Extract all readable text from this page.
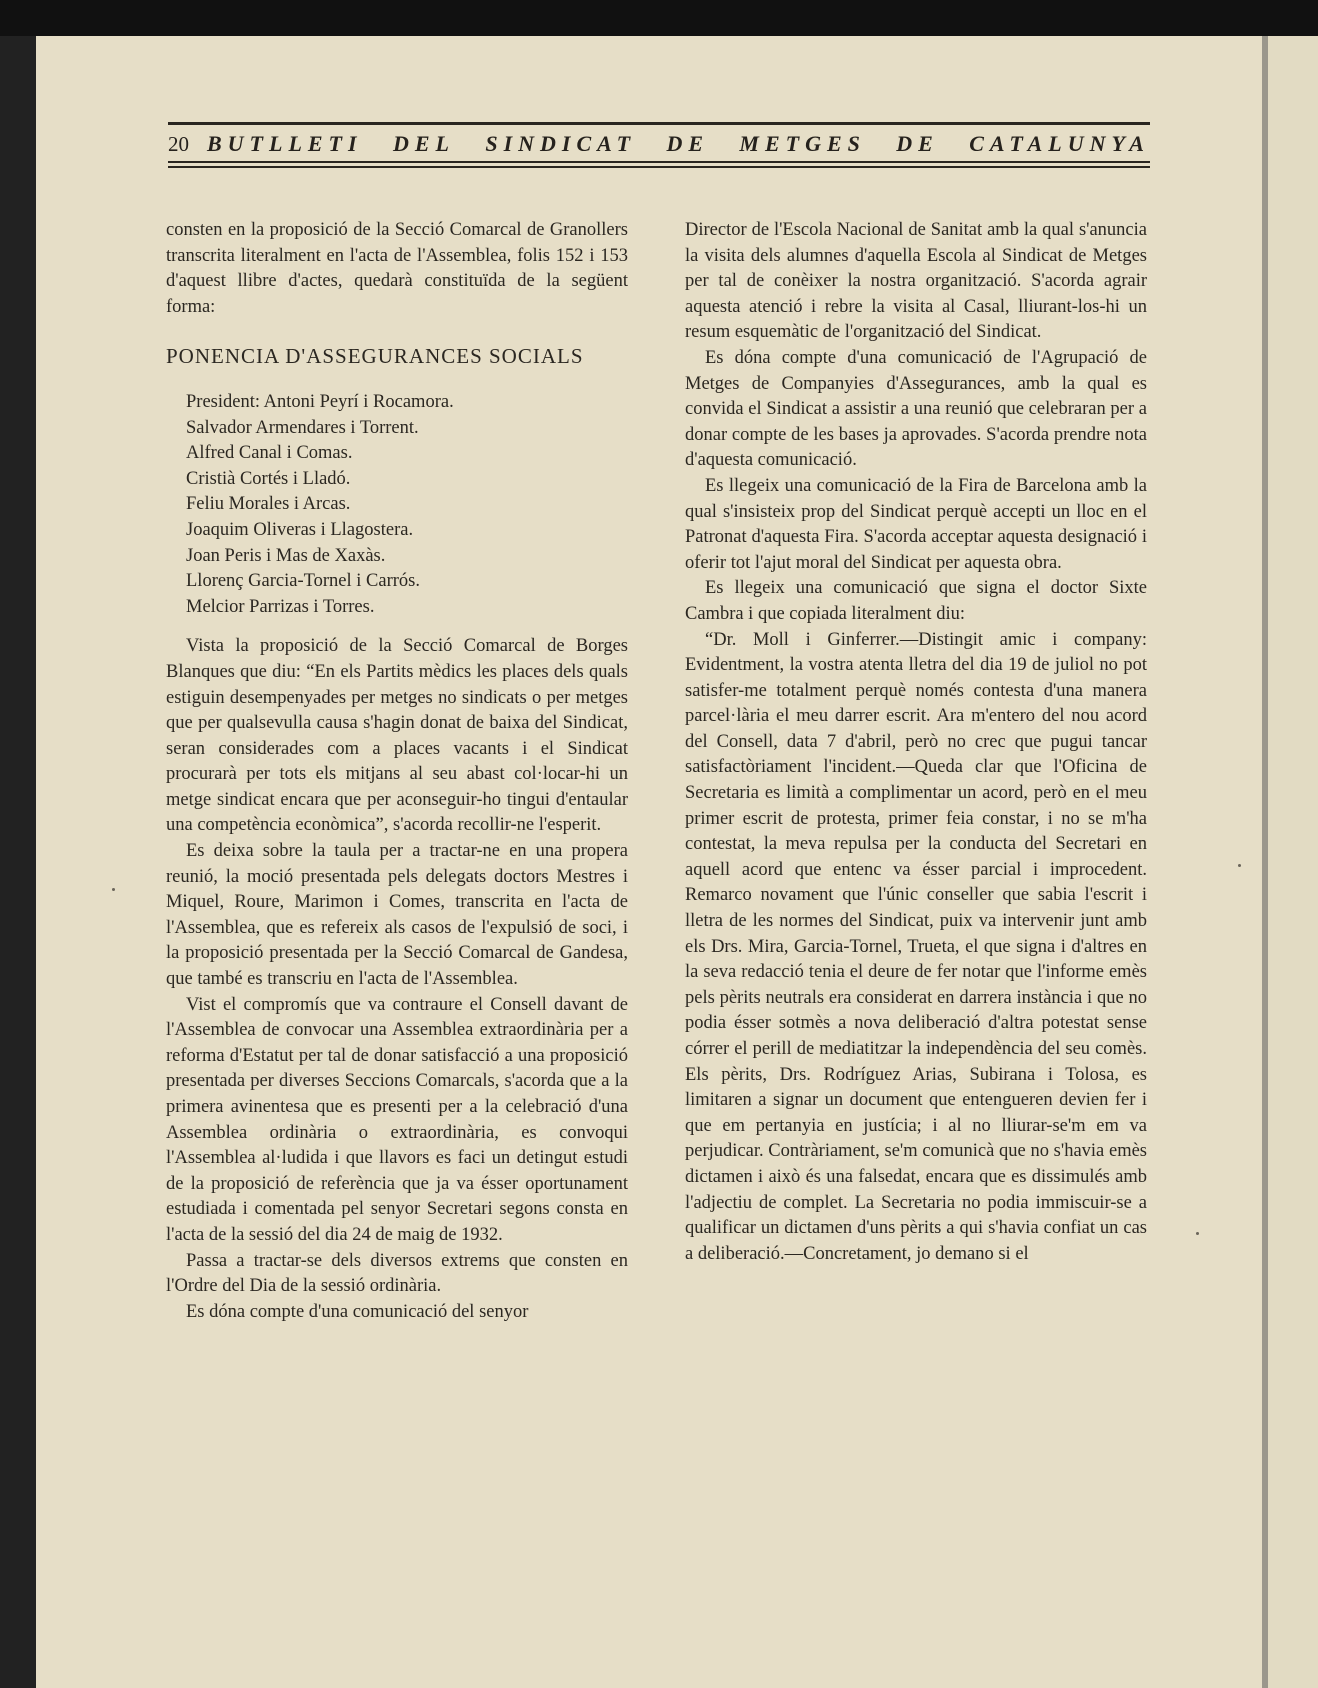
20 BUTLLETI DEL SINDICAT DE METGES DE CATALUNYA

consten en la proposició de la Secció Comarcal de Granollers transcrita literalment en l'acta de l'Assemblea, folis 152 i 153 d'aquest llibre d'actes, quedarà constituïda de la següent forma:

PONENCIA D'ASSEGURANCES SOCIALS
President: Antoni Peyrí i Rocamora.
Salvador Armendares i Torrent.
Alfred Canal i Comas.
Cristià Cortés i Lladó.
Feliu Morales i Arcas.
Joaquim Oliveras i Llagostera.
Joan Peris i Mas de Xaxàs.
Llorenç Garcia-Tornel i Carrós.
Melcior Parrizas i Torres.

Vista la proposició de la Secció Comarcal de Borges Blanques que diu: “En els Partits mèdics les places dels quals estiguin desempenyades per metges no sindicats o per metges que per qualsevulla causa s'hagin donat de baixa del Sindicat, seran considerades com a places vacants i el Sindicat procurarà per tots els mitjans al seu abast col·locar-hi un metge sindicat encara que per aconseguir-ho tingui d'entaular una competència econòmica”, s'acorda recollir-ne l'esperit.

Es deixa sobre la taula per a tractar-ne en una propera reunió, la moció presentada pels delegats doctors Mestres i Miquel, Roure, Marimon i Comes, transcrita en l'acta de l'Assemblea, que es refereix als casos de l'expulsió de soci, i la proposició presentada per la Secció Comarcal de Gandesa, que també es transcriu en l'acta de l'Assemblea.

Vist el compromís que va contraure el Consell davant de l'Assemblea de convocar una Assemblea extraordinària per a reforma d'Estatut per tal de donar satisfacció a una proposició presentada per diverses Seccions Comarcals, s'acorda que a la primera avinentesa que es presenti per a la celebració d'una Assemblea ordinària o extraordinària, es convoqui l'Assemblea al·ludida i que llavors es faci un detingut estudi de la proposició de referència que ja va ésser oportunament estudiada i comentada pel senyor Secretari segons consta en l'acta de la sessió del dia 24 de maig de 1932.

Passa a tractar-se dels diversos extrems que consten en l'Ordre del Dia de la sessió ordinària.

Es dóna compte d'una comunicació del senyor

Director de l'Escola Nacional de Sanitat amb la qual s'anuncia la visita dels alumnes d'aquella Escola al Sindicat de Metges per tal de conèixer la nostra organització. S'acorda agrair aquesta atenció i rebre la visita al Casal, lliurant-los-hi un resum esquemàtic de l'organització del Sindicat.

Es dóna compte d'una comunicació de l'Agrupació de Metges de Companyies d'Assegurances, amb la qual es convida el Sindicat a assistir a una reunió que celebraran per a donar compte de les bases ja aprovades. S'acorda prendre nota d'aquesta comunicació.

Es llegeix una comunicació de la Fira de Barcelona amb la qual s'insisteix prop del Sindicat perquè accepti un lloc en el Patronat d'aquesta Fira. S'acorda acceptar aquesta designació i oferir tot l'ajut moral del Sindicat per aquesta obra.

Es llegeix una comunicació que signa el doctor Sixte Cambra i que copiada literalment diu:

“Dr. Moll i Ginferrer.—Distingit amic i company: Evidentment, la vostra atenta lletra del dia 19 de juliol no pot satisfer-me totalment perquè només contesta d'una manera parcel·lària el meu darrer escrit. Ara m'entero del nou acord del Consell, data 7 d'abril, però no crec que pugui tancar satisfactòriament l'incident.—Queda clar que l'Oficina de Secretaria es limità a complimentar un acord, però en el meu primer escrit de protesta, primer feia constar, i no se m'ha contestat, la meva repulsa per la conducta del Secretari en aquell acord que entenc va ésser parcial i improcedent. Remarco novament que l'únic conseller que sabia l'escrit i lletra de les normes del Sindicat, puix va intervenir junt amb els Drs. Mira, Garcia-Tornel, Trueta, el que signa i d'altres en la seva redacció tenia el deure de fer notar que l'informe emès pels pèrits neutrals era considerat en darrera instància i que no podia ésser sotmès a nova deliberació d'altra potestat sense córrer el perill de mediatitzar la independència del seu comès. Els pèrits, Drs. Rodríguez Arias, Subirana i Tolosa, es limitaren a signar un document que entengueren devien fer i que em pertanyia en justícia; i al no lliurar-se'm em va perjudicar. Contràriament, se'm comunicà que no s'havia emès dictamen i això és una falsedat, encara que es dissimulés amb l'adjectiu de complet. La Secretaria no podia immiscuir-se a qualificar un dictamen d'uns pèrits a qui s'havia confiat un cas a deliberació.—Concretament, jo demano si el
